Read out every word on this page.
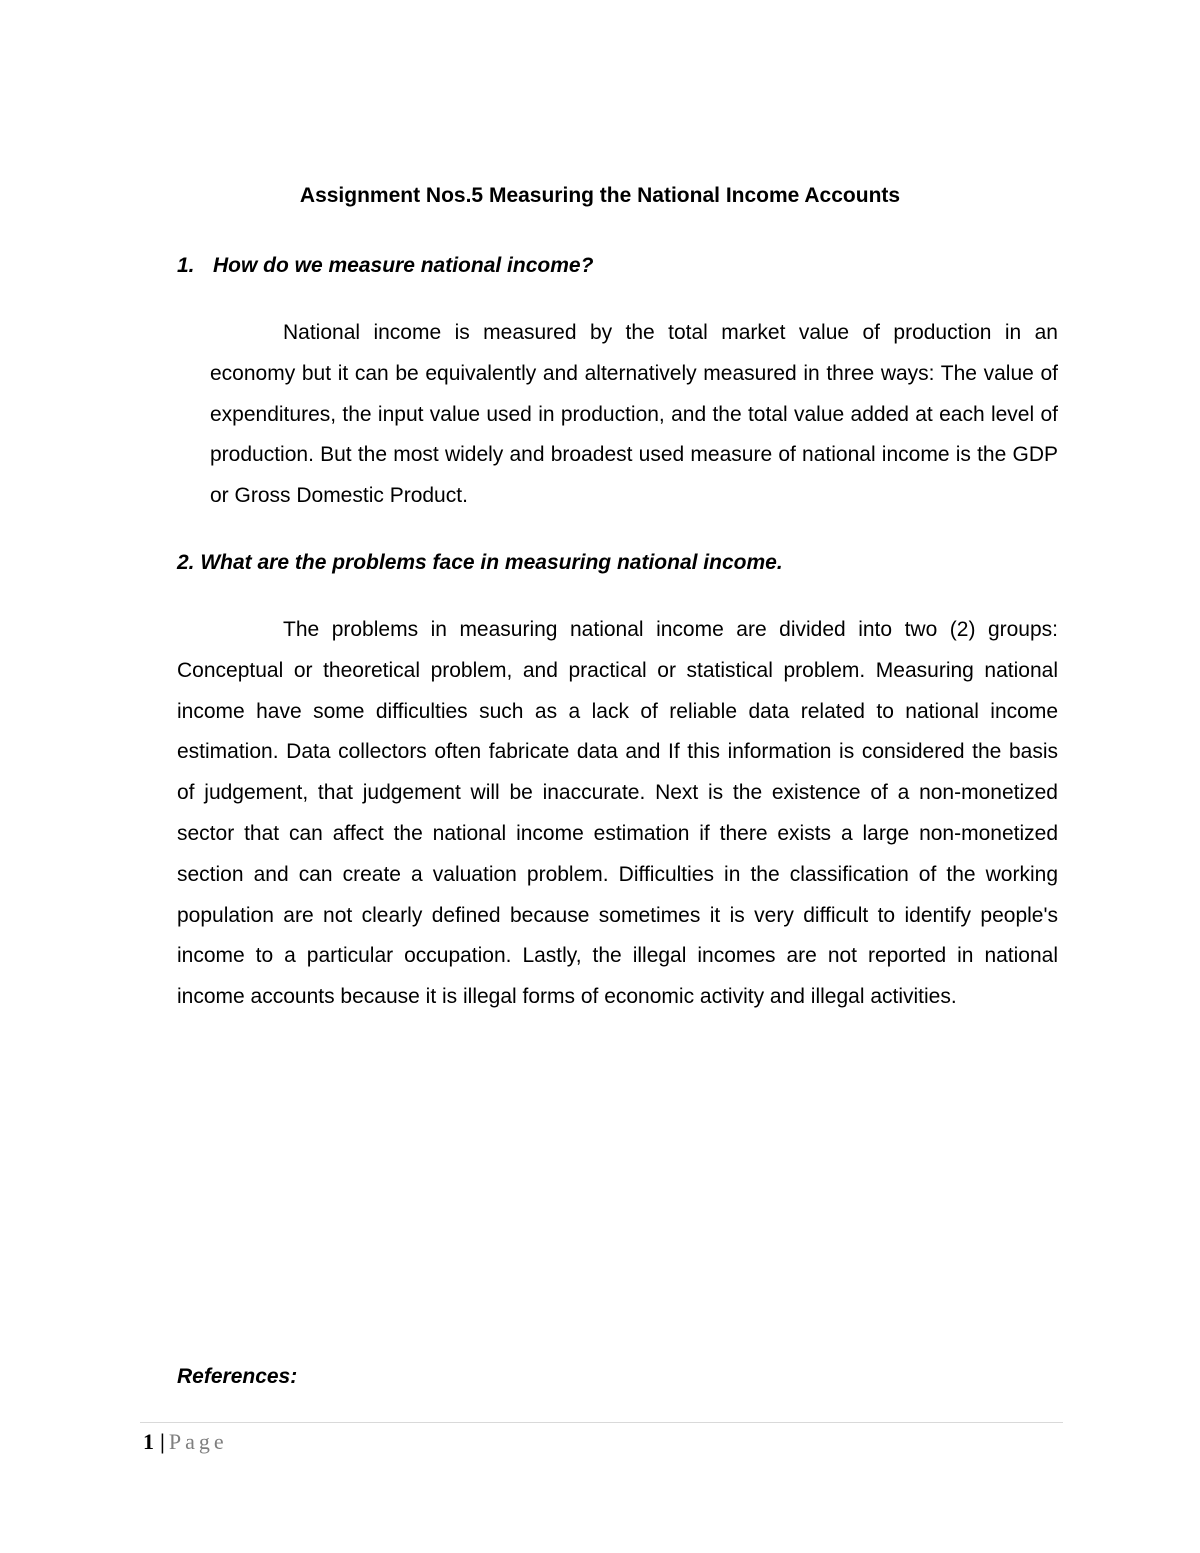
Assignment Nos.5 Measuring the National Income Accounts
1. How do we measure national income?

National income is measured by the total market value of production in an economy but it can be equivalently and alternatively measured in three ways: The value of expenditures, the input value used in production, and the total value added at each level of production. But the most widely and broadest used measure of national income is the GDP or Gross Domestic Product.

2. What are the problems face in measuring national income.

The problems in measuring national income are divided into two (2) groups: Conceptual or theoretical problem, and practical or statistical problem. Measuring national income have some difficulties such as a lack of reliable data related to national income estimation. Data collectors often fabricate data and If this information is considered the basis of judgement, that judgement will be inaccurate. Next is the existence of a non-monetized sector that can affect the national income estimation if there exists a large non-monetized section and can create a valuation problem. Difficulties in the classification of the working population are not clearly defined because sometimes it is very difficult to identify people's income to a particular occupation. Lastly, the illegal incomes are not reported in national income accounts because it is illegal forms of economic activity and illegal activities.

References:
1 | Page
